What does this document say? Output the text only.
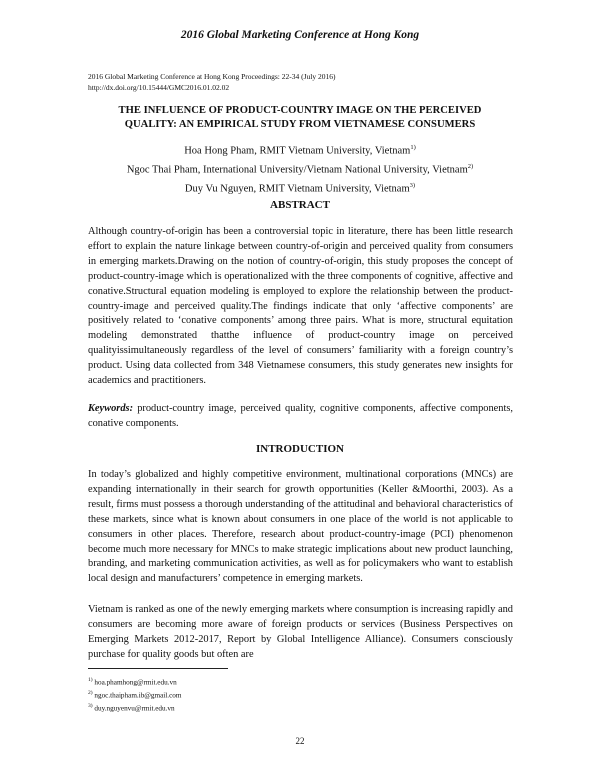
2016 Global Marketing Conference at Hong Kong
2016 Global Marketing Conference at Hong Kong Proceedings: 22-34 (July 2016)
http://dx.doi.org/10.15444/GMC2016.01.02.02
THE INFLUENCE OF PRODUCT-COUNTRY IMAGE ON THE PERCEIVED
QUALITY: AN EMPIRICAL STUDY FROM VIETNAMESE CONSUMERS
Hoa Hong Pham, RMIT Vietnam University, Vietnam$^{1)}$
Ngoc Thai Pham, International University/Vietnam National University, Vietnam$^{2)}$
Duy Vu Nguyen, RMIT Vietnam University, Vietnam$^{3)}$
ABSTRACT
Although country-of-origin has been a controversial topic in literature, there has been little research effort to explain the nature linkage between country-of-origin and perceived quality from consumers in emerging markets.Drawing on the notion of country-of-origin, this study proposes the concept of product-country-image which is operationalized with the three components of cognitive, affective and conative.Structural equation modeling is employed to explore the relationship between the product-country-image and perceived quality.The findings indicate that only ‘affective components’ are positively related to ‘conative components’ among three pairs. What is more, structural equitation modeling demonstrated thatthe influence of product-country image on perceived qualityissimultaneously regardless of the level of consumers’ familiarity with a foreign country’s product. Using data collected from 348 Vietnamese consumers, this study generates new insights for academics and practitioners.
Keywords: product-country image, perceived quality, cognitive components, affective components, conative components.
INTRODUCTION
In today’s globalized and highly competitive environment, multinational corporations (MNCs) are expanding internationally in their search for growth opportunities (Keller &Moorthi, 2003). As a result, firms must possess a thorough understanding of the attitudinal and behavioral characteristics of these markets, since what is known about consumers in one place of the world is not applicable to consumers in other places. Therefore, research about product-country-image (PCI) phenomenon become much more necessary for MNCs to make strategic implications about new product launching, branding, and marketing communication activities, as well as for policymakers who want to establish local design and manufacturers’ competence in emerging markets.
Vietnam is ranked as one of the newly emerging markets where consumption is increasing rapidly and consumers are becoming more aware of foreign products or services (Business Perspectives on Emerging Markets 2012-2017, Report by Global Intelligence Alliance). Consumers consciously purchase for quality goods but often are
$^{1)}$ hoa.phamhong@rmit.edu.vn
$^{2)}$ ngoc.thaipham.ib@gmail.com
$^{3)}$ duy.nguyenvu@rmit.edu.vn
22
